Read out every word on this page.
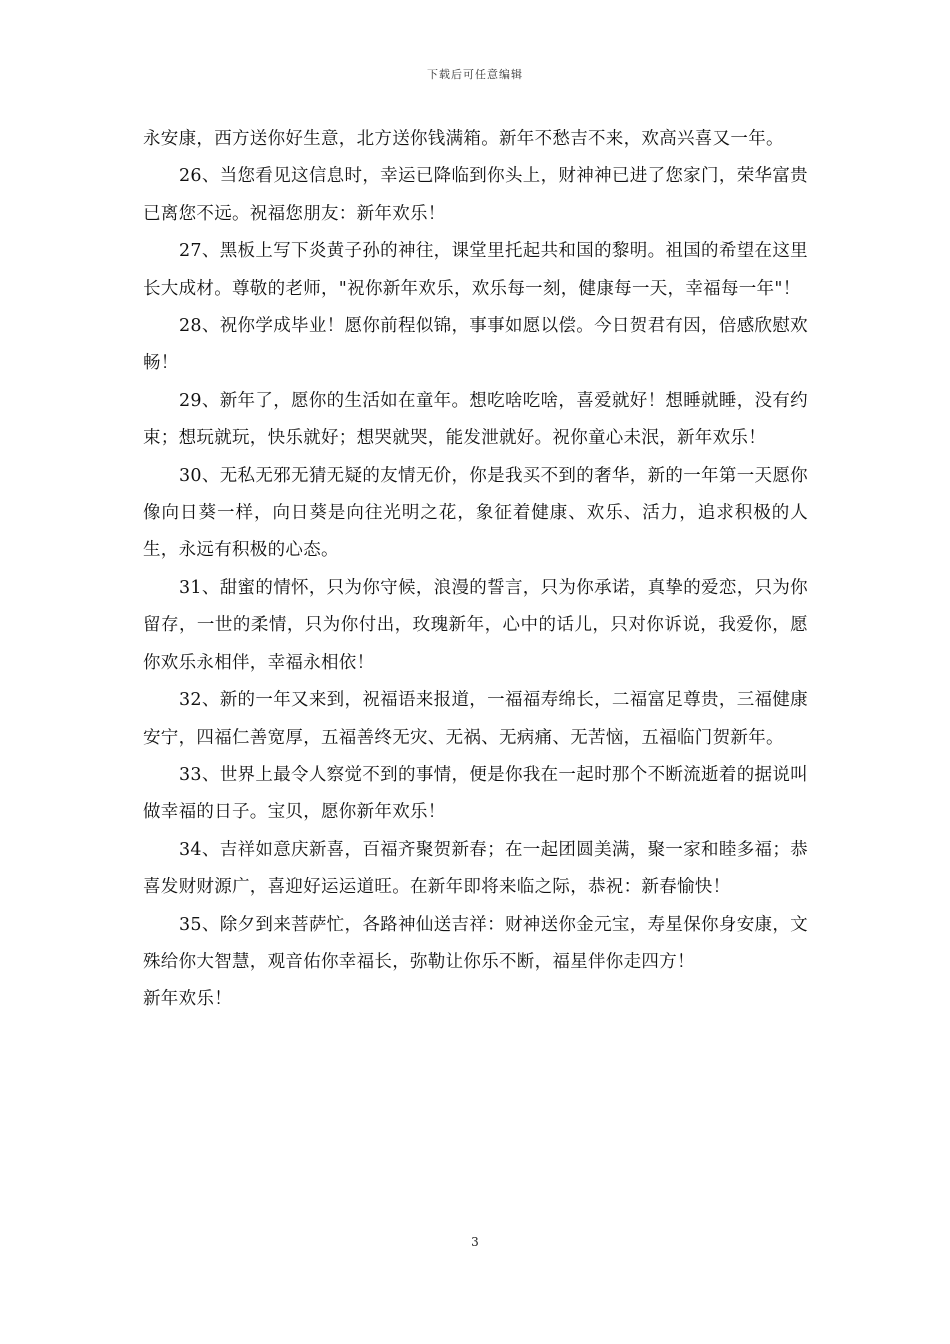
下载后可任意编辑

永安康，西方送你好生意，北方送你钱满箱。新年不愁吉不来，欢高兴喜又一年。

26、当您看见这信息时，幸运已降临到你头上，财神神已进了您家门，荣华富贵已离您不远。祝福您朋友：新年欢乐！

27、黑板上写下炎黄子孙的神往，课堂里托起共和国的黎明。祖国的希望在这里长大成材。尊敬的老师，"祝你新年欢乐，欢乐每一刻，健康每一天，幸福每一年"！

28、祝你学成毕业！愿你前程似锦，事事如愿以偿。今日贺君有因，倍感欣慰欢畅！

29、新年了，愿你的生活如在童年。想吃啥吃啥，喜爱就好！想睡就睡，没有约束；想玩就玩，快乐就好；想哭就哭，能发泄就好。祝你童心未泯，新年欢乐！

30、无私无邪无猜无疑的友情无价，你是我买不到的奢华，新的一年第一天愿你像向日葵一样，向日葵是向往光明之花，象征着健康、欢乐、活力，追求积极的人生，永远有积极的心态。

31、甜蜜的情怀，只为你守候，浪漫的誓言，只为你承诺，真挚的爱恋，只为你留存，一世的柔情，只为你付出，玫瑰新年，心中的话儿，只对你诉说，我爱你，愿你欢乐永相伴，幸福永相依！

32、新的一年又来到，祝福语来报道，一福福寿绵长，二福富足尊贵，三福健康安宁，四福仁善宽厚，五福善终无灾、无祸、无病痛、无苦恼，五福临门贺新年。

33、世界上最令人察觉不到的事情，便是你我在一起时那个不断流逝着的据说叫做幸福的日子。宝贝，愿你新年欢乐！

34、吉祥如意庆新喜，百福齐聚贺新春；在一起团圆美满，聚一家和睦多福；恭喜发财财源广，喜迎好运运道旺。在新年即将来临之际，恭祝：新春愉快！

35、除夕到来菩萨忙，各路神仙送吉祥：财神送你金元宝，寿星保你身安康，文殊给你大智慧，观音佑你幸福长，弥勒让你乐不断，福星伴你走四方！

新年欢乐！

3
